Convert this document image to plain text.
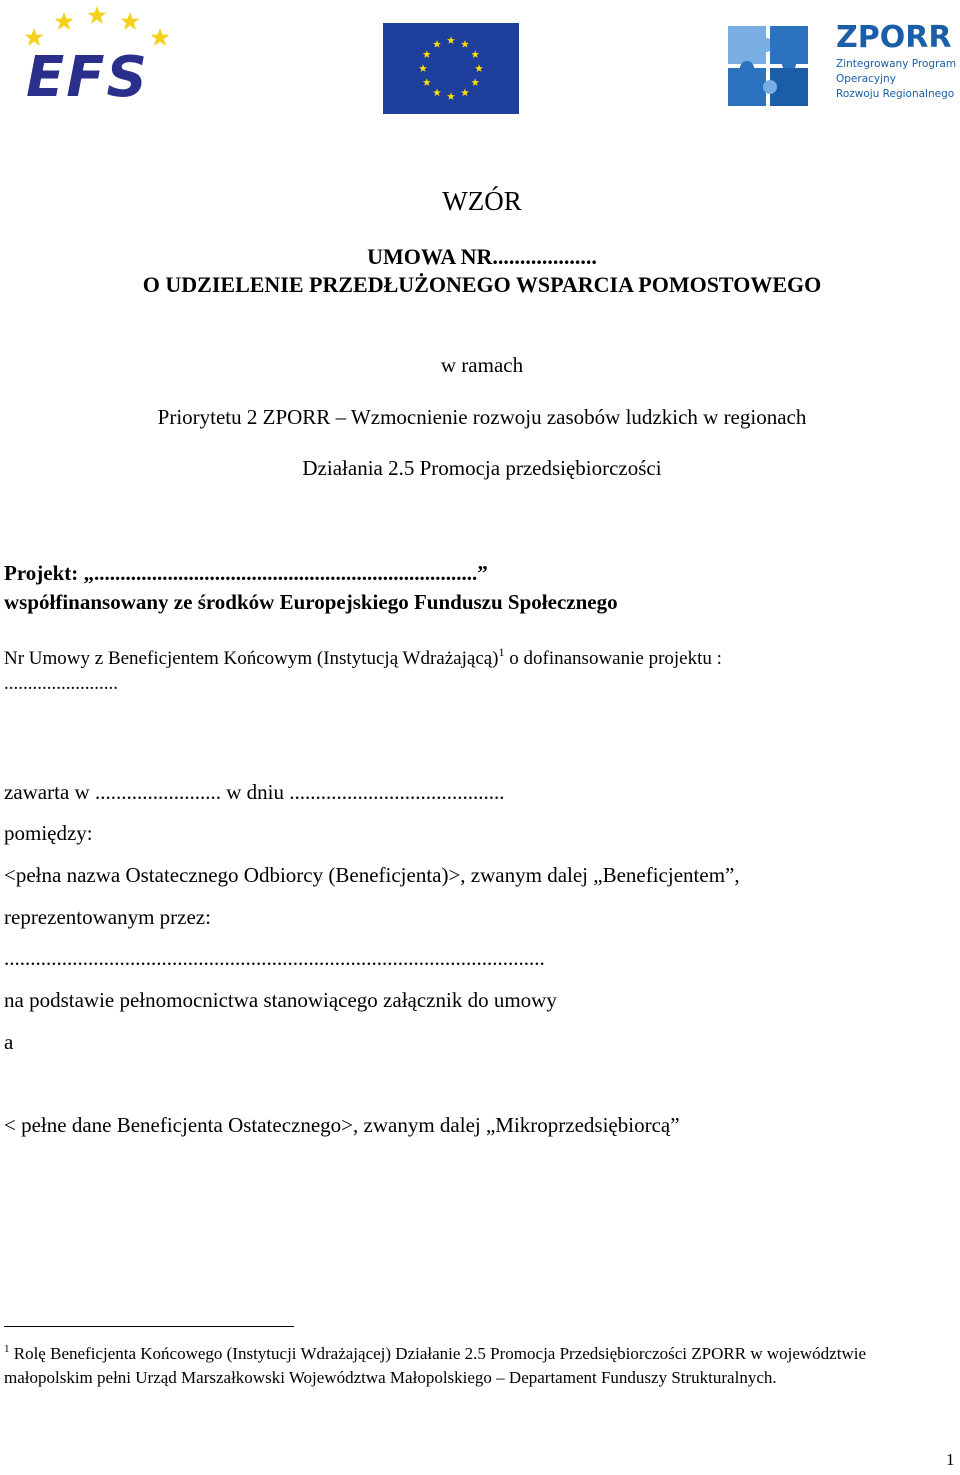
EFS
ZPORR
Zintegrowany Program
Operacyjny
Rozwoju Regionalnego
WZÓR
UMOWA NR...................
O UDZIELENIE PRZEDŁUŻONEGO WSPARCIA POMOSTOWEGO
w ramach
Priorytetu 2 ZPORR – Wzmocnienie rozwoju zasobów ludzkich w regionach
Działania 2.5 Promocja przedsiębiorczości
Projekt: „.........................................................................”
współfinansowany ze środków Europejskiego Funduszu Społecznego
Nr Umowy z Beneficjentem Końcowym (Instytucją Wdrażającą)$^1$ o dofinansowanie projektu :
........................
zawarta w ........................ w dniu .........................................
pomiędzy:
<pełna nazwa Ostatecznego Odbiorcy (Beneficjenta)>, zwanym dalej „Beneficjentem”,
reprezentowanym przez:
.......................................................................................................
na podstawie pełnomocnictwa stanowiącego załącznik do umowy
a
< pełne dane Beneficjenta Ostatecznego>, zwanym dalej „Mikroprzedsiębiorcą”
$^1$ Rolę Beneficjenta Końcowego (Instytucji Wdrażającej) Działanie 2.5 Promocja Przedsiębiorczości ZPORR w województwie małopolskim pełni Urząd Marszałkowski Województwa Małopolskiego – Departament Funduszy Strukturalnych.
1
